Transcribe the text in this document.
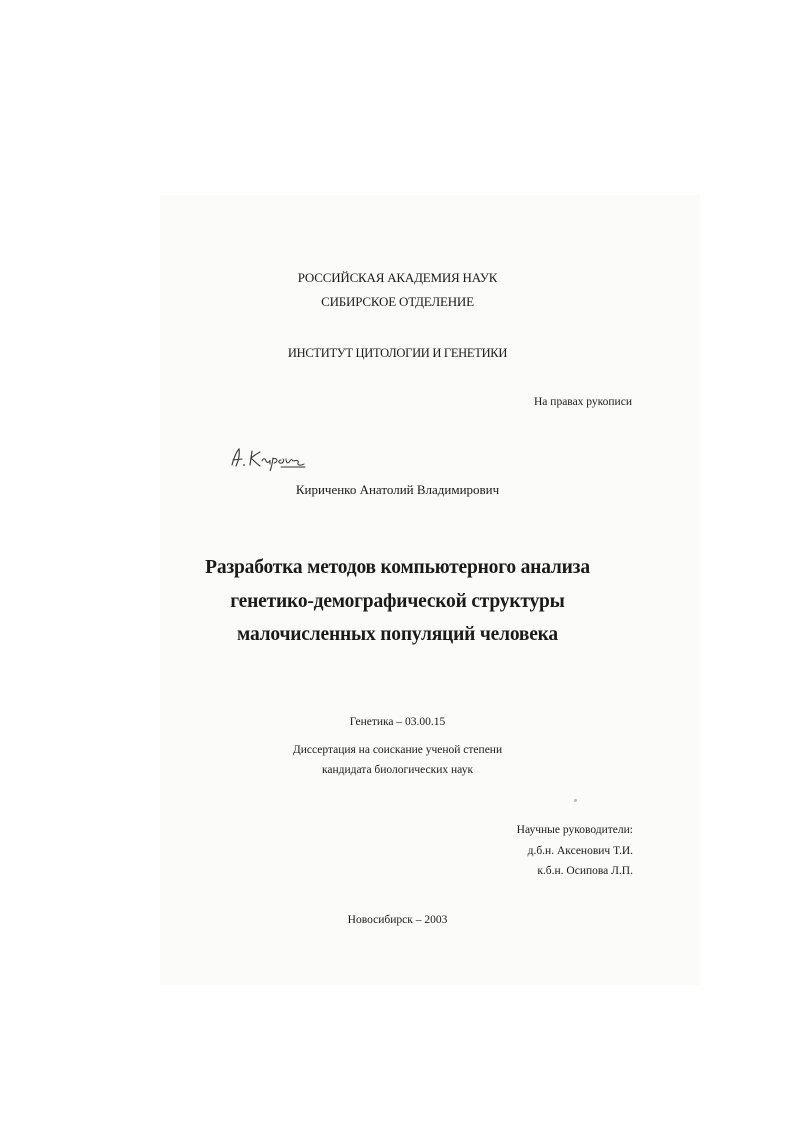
РОССИЙСКАЯ АКАДЕМИЯ НАУК
СИБИРСКОЕ ОТДЕЛЕНИЕ
ИНСТИТУТ ЦИТОЛОГИИ И ГЕНЕТИКИ
На правах рукописи
Кириченко Анатолий Владимирович
Разработка методов компьютерного анализа
генетико-демографической структуры
малочисленных популяций человека
Генетика – 03.00.15
Диссертация на соискание ученой степени
кандидата биологических наук
Научные руководители:
д.б.н. Аксенович Т.И.
к.б.н. Осипова Л.П.
Новосибирск – 2003
